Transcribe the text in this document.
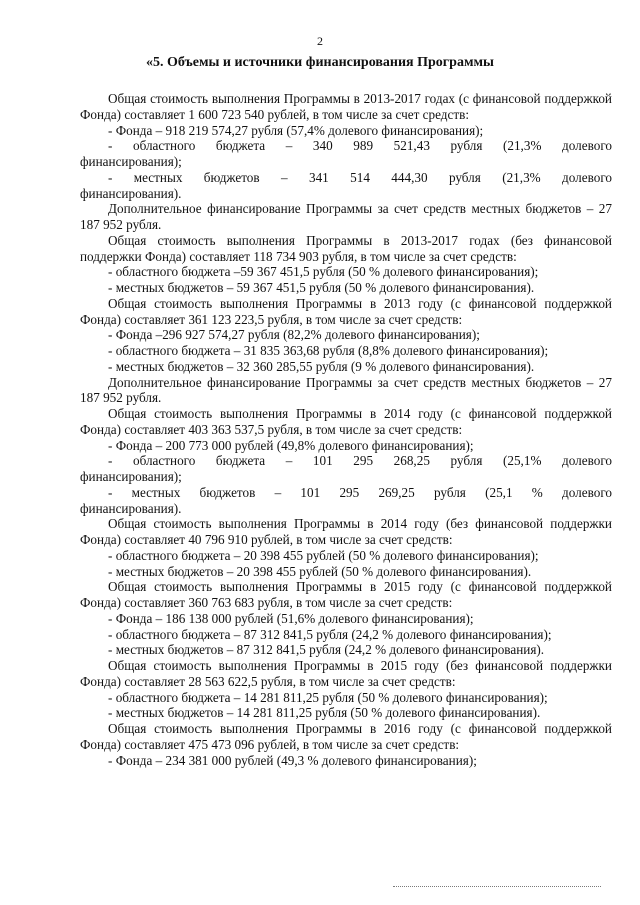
2
«5. Объемы и источники финансирования Программы

Общая стоимость выполнения Программы в 2013-2017 годах (с финансовой поддержкой Фонда) составляет 1 600 723 540 рублей, в том числе за счет средств:

- Фонда – 918 219 574,27 рубля (57,4% долевого финансирования);

- областного бюджета – 340 989 521,43 рубля (21,3% долевого

финансирования);

- местных бюджетов – 341 514 444,30 рубля (21,3% долевого

финансирования).

Дополнительное финансирование Программы за счет средств местных бюджетов – 27 187 952 рубля.

Общая стоимость выполнения Программы в 2013-2017 годах (без финансовой поддержки Фонда) составляет 118 734 903 рубля, в том числе за счет средств:

- областного бюджета –59 367 451,5 рубля (50 % долевого финансирования);

- местных бюджетов – 59 367 451,5 рубля (50 % долевого финансирования).

Общая стоимость выполнения Программы в 2013 году (с финансовой поддержкой Фонда) составляет 361 123 223,5 рубля, в том числе за счет средств:

- Фонда –296 927 574,27 рубля (82,2% долевого финансирования);

- областного бюджета – 31 835 363,68 рубля (8,8% долевого финансирования);

- местных бюджетов – 32 360 285,55 рубля (9 % долевого финансирования).

Дополнительное финансирование Программы за счет средств местных бюджетов – 27 187 952 рубля.

Общая стоимость выполнения Программы в 2014 году (с финансовой поддержкой Фонда) составляет 403 363 537,5 рубля, в том числе за счет средств:

- Фонда – 200 773 000 рублей (49,8% долевого финансирования);

- областного бюджета – 101 295 268,25 рубля (25,1% долевого

финансирования);

- местных бюджетов – 101 295 269,25 рубля (25,1 % долевого

финансирования).

Общая стоимость выполнения Программы в 2014 году (без финансовой поддержки Фонда) составляет 40 796 910 рублей, в том числе за счет средств:

- областного бюджета – 20 398 455 рублей (50 % долевого финансирования);

- местных бюджетов – 20 398 455 рублей (50 % долевого финансирования).

Общая стоимость выполнения Программы в 2015 году (с финансовой поддержкой Фонда) составляет 360 763 683 рубля, в том числе за счет средств:

- Фонда – 186 138 000 рублей (51,6% долевого финансирования);

- областного бюджета – 87 312 841,5 рубля (24,2 % долевого финансирования);

- местных бюджетов – 87 312 841,5 рубля (24,2 % долевого финансирования).

Общая стоимость выполнения Программы в 2015 году (без финансовой поддержки Фонда) составляет 28 563 622,5 рубля, в том числе за счет средств:

- областного бюджета – 14 281 811,25 рубля (50 % долевого финансирования);

- местных бюджетов – 14 281 811,25 рубля (50 % долевого финансирования).

Общая стоимость выполнения Программы в 2016 году (с финансовой поддержкой Фонда) составляет 475 473 096 рублей, в том числе за счет средств:

- Фонда – 234 381 000 рублей (49,3 % долевого финансирования);
